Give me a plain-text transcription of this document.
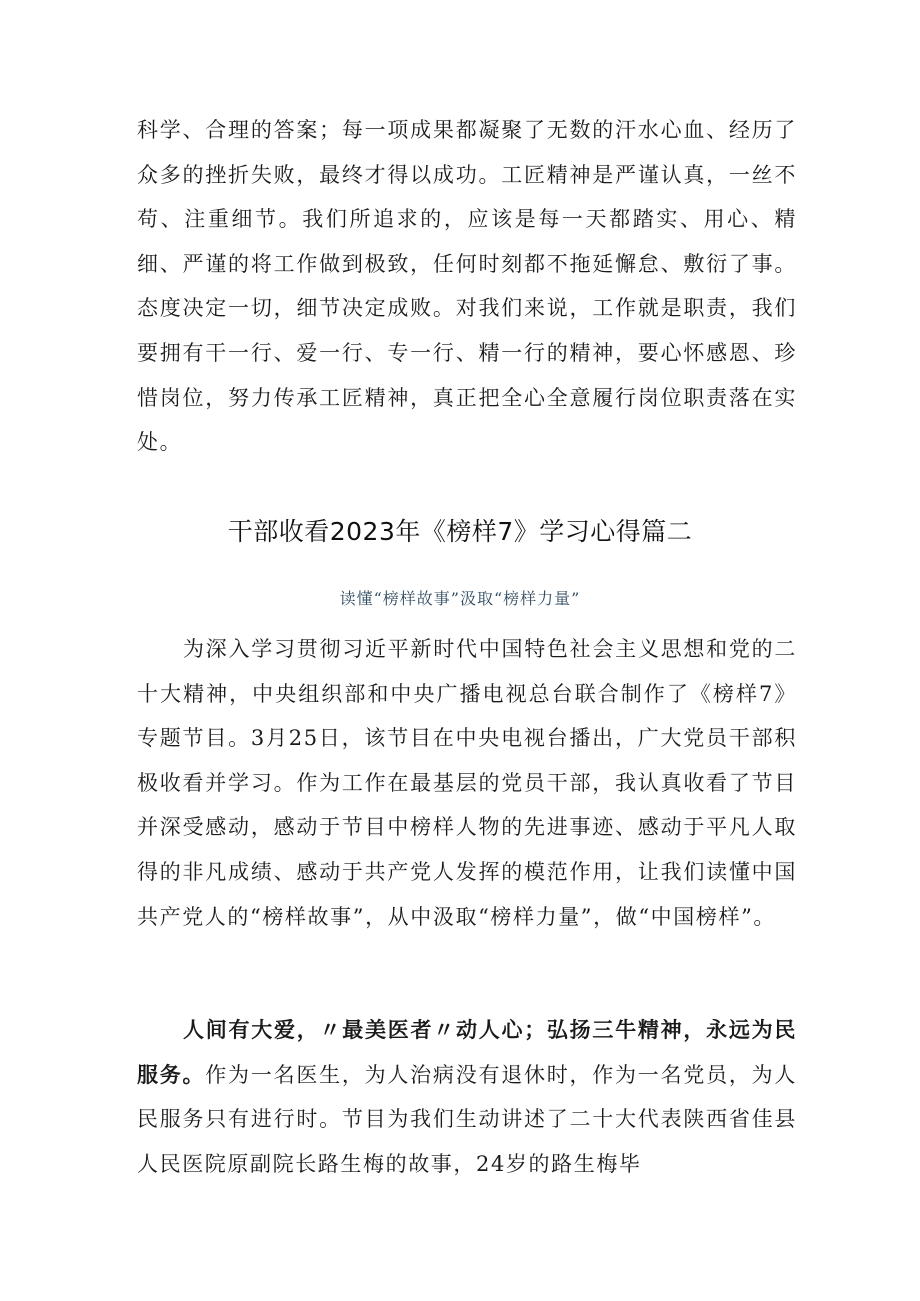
科学、合理的答案；每一项成果都凝聚了无数的汗水心血、经历了众多的挫折失败，最终才得以成功。工匠精神是严谨认真，一丝不苟、注重细节。我们所追求的，应该是每一天都踏实、用心、精细、严谨的将工作做到极致，任何时刻都不拖延懈怠、敷衍了事。态度决定一切，细节决定成败。对我们来说，工作就是职责，我们要拥有干一行、爱一行、专一行、精一行的精神，要心怀感恩、珍惜岗位，努力传承工匠精神，真正把全心全意履行岗位职责落在实处。
干部收看2023年《榜样7》学习心得篇二
读懂“榜样故事”汲取“榜样力量”
为深入学习贯彻习近平新时代中国特色社会主义思想和党的二十大精神，中央组织部和中央广播电视总台联合制作了《榜样7》专题节目。3月25日，该节目在中央电视台播出，广大党员干部积极收看并学习。作为工作在最基层的党员干部，我认真收看了节目并深受感动，感动于节目中榜样人物的先进事迹、感动于平凡人取得的非凡成绩、感动于共产党人发挥的模范作用，让我们读懂中国共产党人的“榜样故事”，从中汲取“榜样力量”，做“中国榜样”。
人间有大爱，〃最美医者〃动人心；弘扬三牛精神，永远为民服务。作为一名医生，为人治病没有退休时，作为一名党员，为人民服务只有进行时。节目为我们生动讲述了二十大代表陕西省佳县人民医院原副院长路生梅的故事，24岁的路生梅毕
